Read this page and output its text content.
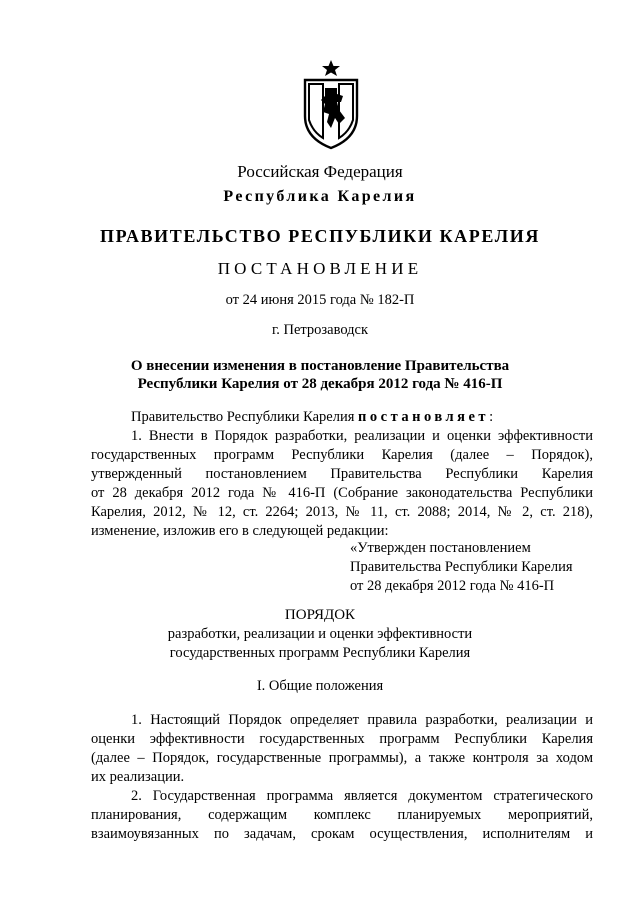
Российская Федерация
Республика Карелия
ПРАВИТЕЛЬСТВО РЕСПУБЛИКИ КАРЕЛИЯ
ПОСТАНОВЛЕНИЕ
от 24 июня 2015 года № 182-П
г. Петрозаводск
О внесении изменения в постановление Правительства
Республики Карелия от 28 декабря 2012 года № 416-П
Правительство Республики Карелия постановляет:
1. Внести в Порядок разработки, реализации и оценки эффективности
государственных программ Республики Карелия (далее – Порядок),
утвержденный постановлением Правительства Республики Карелия
от 28 декабря 2012 года № 416-П (Собрание законодательства Республики
Карелия, 2012, № 12, ст. 2264; 2013, № 11, ст. 2088; 2014, № 2, ст. 218),
изменение, изложив его в следующей редакции:
«Утвержден постановлением
Правительства Республики Карелия
от 28 декабря 2012 года № 416-П
ПОРЯДОК
разработки, реализации и оценки эффективности
государственных программ Республики Карелия
I. Общие положения
1. Настоящий Порядок определяет правила разработки, реализации и
оценки эффективности государственных программ Республики Карелия
(далее – Порядок, государственные программы), а также контроля за ходом
их реализации.
2. Государственная программа является документом стратегического
планирования, содержащим комплекс планируемых мероприятий,
взаимоувязанных по задачам, срокам осуществления, исполнителям и
